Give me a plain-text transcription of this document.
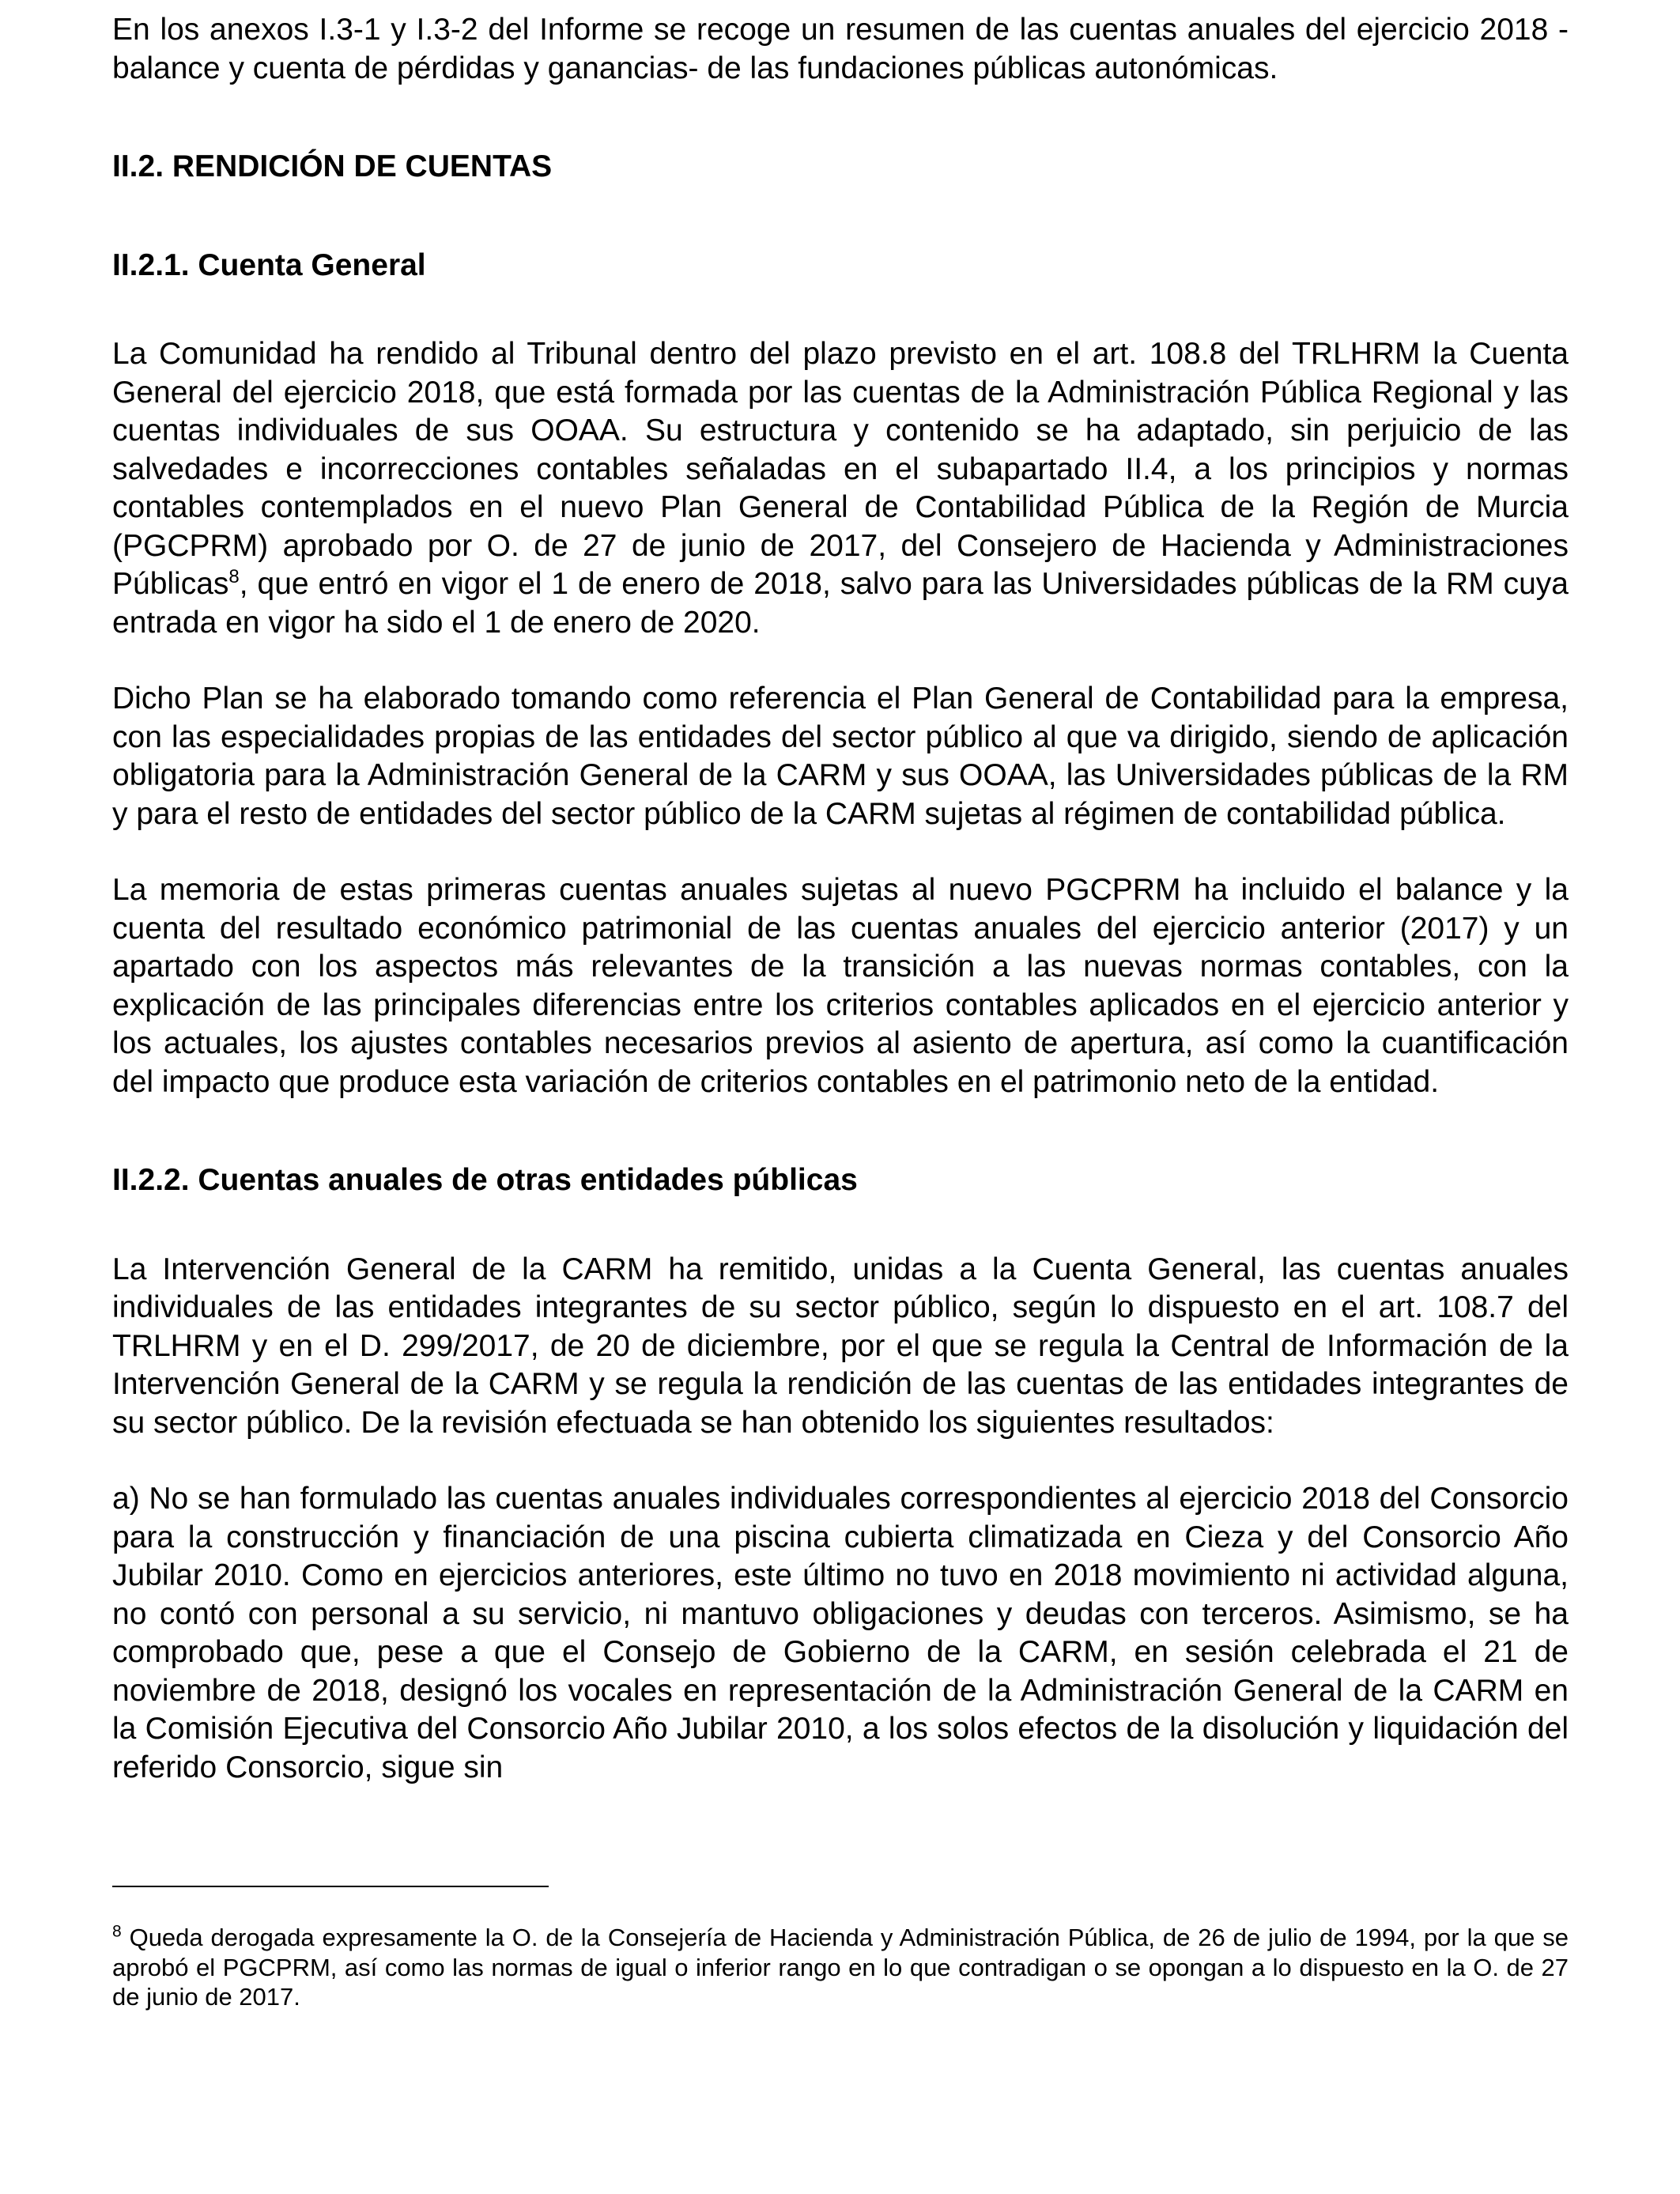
En los anexos I.3-1 y I.3-2 del Informe se recoge un resumen de las cuentas anuales del ejercicio 2018 -balance y cuenta de pérdidas y ganancias- de las fundaciones públicas autonómicas.

II.2. RENDICIÓN DE CUENTAS
II.2.1. Cuenta General

La Comunidad ha rendido al Tribunal dentro del plazo previsto en el art. 108.8 del TRLHRM la Cuenta General del ejercicio 2018, que está formada por las cuentas de la Administración Pública Regional y las cuentas individuales de sus OOAA. Su estructura y contenido se ha adaptado, sin perjuicio de las salvedades e incorrecciones contables señaladas en el subapartado II.4, a los principios y normas contables contemplados en el nuevo Plan General de Contabilidad Pública de la Región de Murcia (PGCPRM) aprobado por O. de 27 de junio de 2017, del Consejero de Hacienda y Administraciones Públicas$^8$, que entró en vigor el 1 de enero de 2018, salvo para las Universidades públicas de la RM cuya entrada en vigor ha sido el 1 de enero de 2020.

Dicho Plan se ha elaborado tomando como referencia el Plan General de Contabilidad para la empresa, con las especialidades propias de las entidades del sector público al que va dirigido, siendo de aplicación obligatoria para la Administración General de la CARM y sus OOAA, las Universidades públicas de la RM y para el resto de entidades del sector público de la CARM sujetas al régimen de contabilidad pública.

La memoria de estas primeras cuentas anuales sujetas al nuevo PGCPRM ha incluido el balance y la cuenta del resultado económico patrimonial de las cuentas anuales del ejercicio anterior (2017) y un apartado con los aspectos más relevantes de la transición a las nuevas normas contables, con la explicación de las principales diferencias entre los criterios contables aplicados en el ejercicio anterior y los actuales, los ajustes contables necesarios previos al asiento de apertura, así como la cuantificación del impacto que produce esta variación de criterios contables en el patrimonio neto de la entidad.

II.2.2. Cuentas anuales de otras entidades públicas

La Intervención General de la CARM ha remitido, unidas a la Cuenta General, las cuentas anuales individuales de las entidades integrantes de su sector público, según lo dispuesto en el art. 108.7 del TRLHRM y en el D. 299/2017, de 20 de diciembre, por el que se regula la Central de Información de la Intervención General de la CARM y se regula la rendición de las cuentas de las entidades integrantes de su sector público. De la revisión efectuada se han obtenido los siguientes resultados:

a) No se han formulado las cuentas anuales individuales correspondientes al ejercicio 2018 del Consorcio para la construcción y financiación de una piscina cubierta climatizada en Cieza y del Consorcio Año Jubilar 2010. Como en ejercicios anteriores, este último no tuvo en 2018 movimiento ni actividad alguna, no contó con personal a su servicio, ni mantuvo obligaciones y deudas con terceros. Asimismo, se ha comprobado que, pese a que el Consejo de Gobierno de la CARM, en sesión celebrada el 21 de noviembre de 2018, designó los vocales en representación de la Administración General de la CARM en la Comisión Ejecutiva del Consorcio Año Jubilar 2010, a los solos efectos de la disolución y liquidación del referido Consorcio, sigue sin

$^8$ Queda derogada expresamente la O. de la Consejería de Hacienda y Administración Pública, de 26 de julio de 1994, por la que se aprobó el PGCPRM, así como las normas de igual o inferior rango en lo que contradigan o se opongan a lo dispuesto en la O. de 27 de junio de 2017.
